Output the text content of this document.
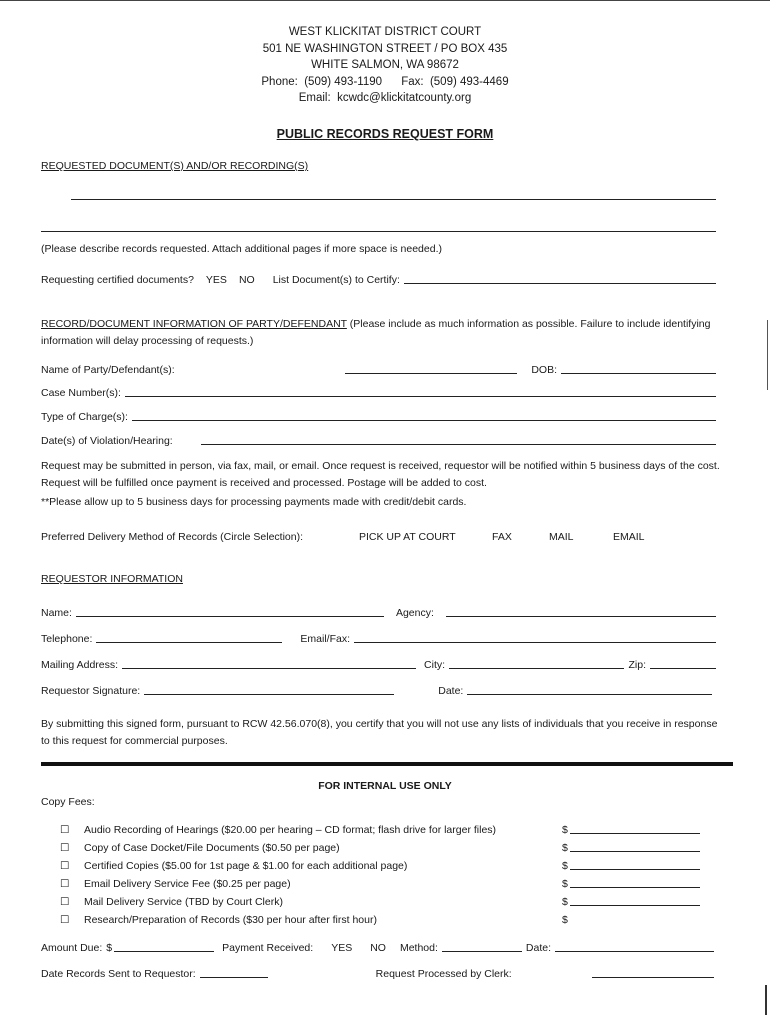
WEST KLICKITAT DISTRICT COURT
501 NE WASHINGTON STREET / PO BOX 435
WHITE SALMON, WA 98672
Phone:  (509) 493-1190      Fax:  (509) 493-4469
Email:  kcwdc@klickitatcounty.org
PUBLIC RECORDS REQUEST FORM
REQUESTED DOCUMENT(S) AND/OR RECORDING(S)
(Please describe records requested. Attach additional pages if more space is needed.)
Requesting certified documents? YES NO List Document(s) to Certify:
RECORD/DOCUMENT INFORMATION OF PARTY/DEFENDANT (Please include as much information as possible. Failure to include identifying information will delay processing of requests.)
Name of Party/Defendant(s):	DOB:
Case Number(s):
Type of Charge(s):
Date(s) of Violation/Hearing:
Request may be submitted in person, via fax, mail, or email. Once request is received, requestor will be notified within 5 business days of the cost. Request will be fulfilled once payment is received and processed. Postage will be added to cost.
**Please allow up to 5 business days for processing payments made with credit/debit cards.
Preferred Delivery Method of Records (Circle Selection):	PICK UP AT COURT	FAX	MAIL	EMAIL
REQUESTOR INFORMATION
Name:	Agency:
Telephone:	Email/Fax:
Mailing Address:	City:	Zip:
Requestor Signature:	Date:
By submitting this signed form, pursuant to RCW 42.56.070(8), you certify that you will not use any lists of individuals that you receive in response to this request for commercial purposes.
FOR INTERNAL USE ONLY
Copy Fees:
☐	Audio Recording of Hearings ($20.00 per hearing – CD format; flash drive for larger files)	$
☐	Copy of Case Docket/File Documents ($0.50 per page)	$
☐	Certified Copies ($5.00 for 1st page & $1.00 for each additional page)	$
☐	Email Delivery Service Fee ($0.25 per page)	$
☐	Mail Delivery Service (TBD by Court Clerk)	$
☐	Research/Preparation of Records ($30 per hour after first hour)	$
Amount Due: $	Payment Received: YES NO Method:	Date:
Date Records Sent to Requestor:	Request Processed by Clerk:
